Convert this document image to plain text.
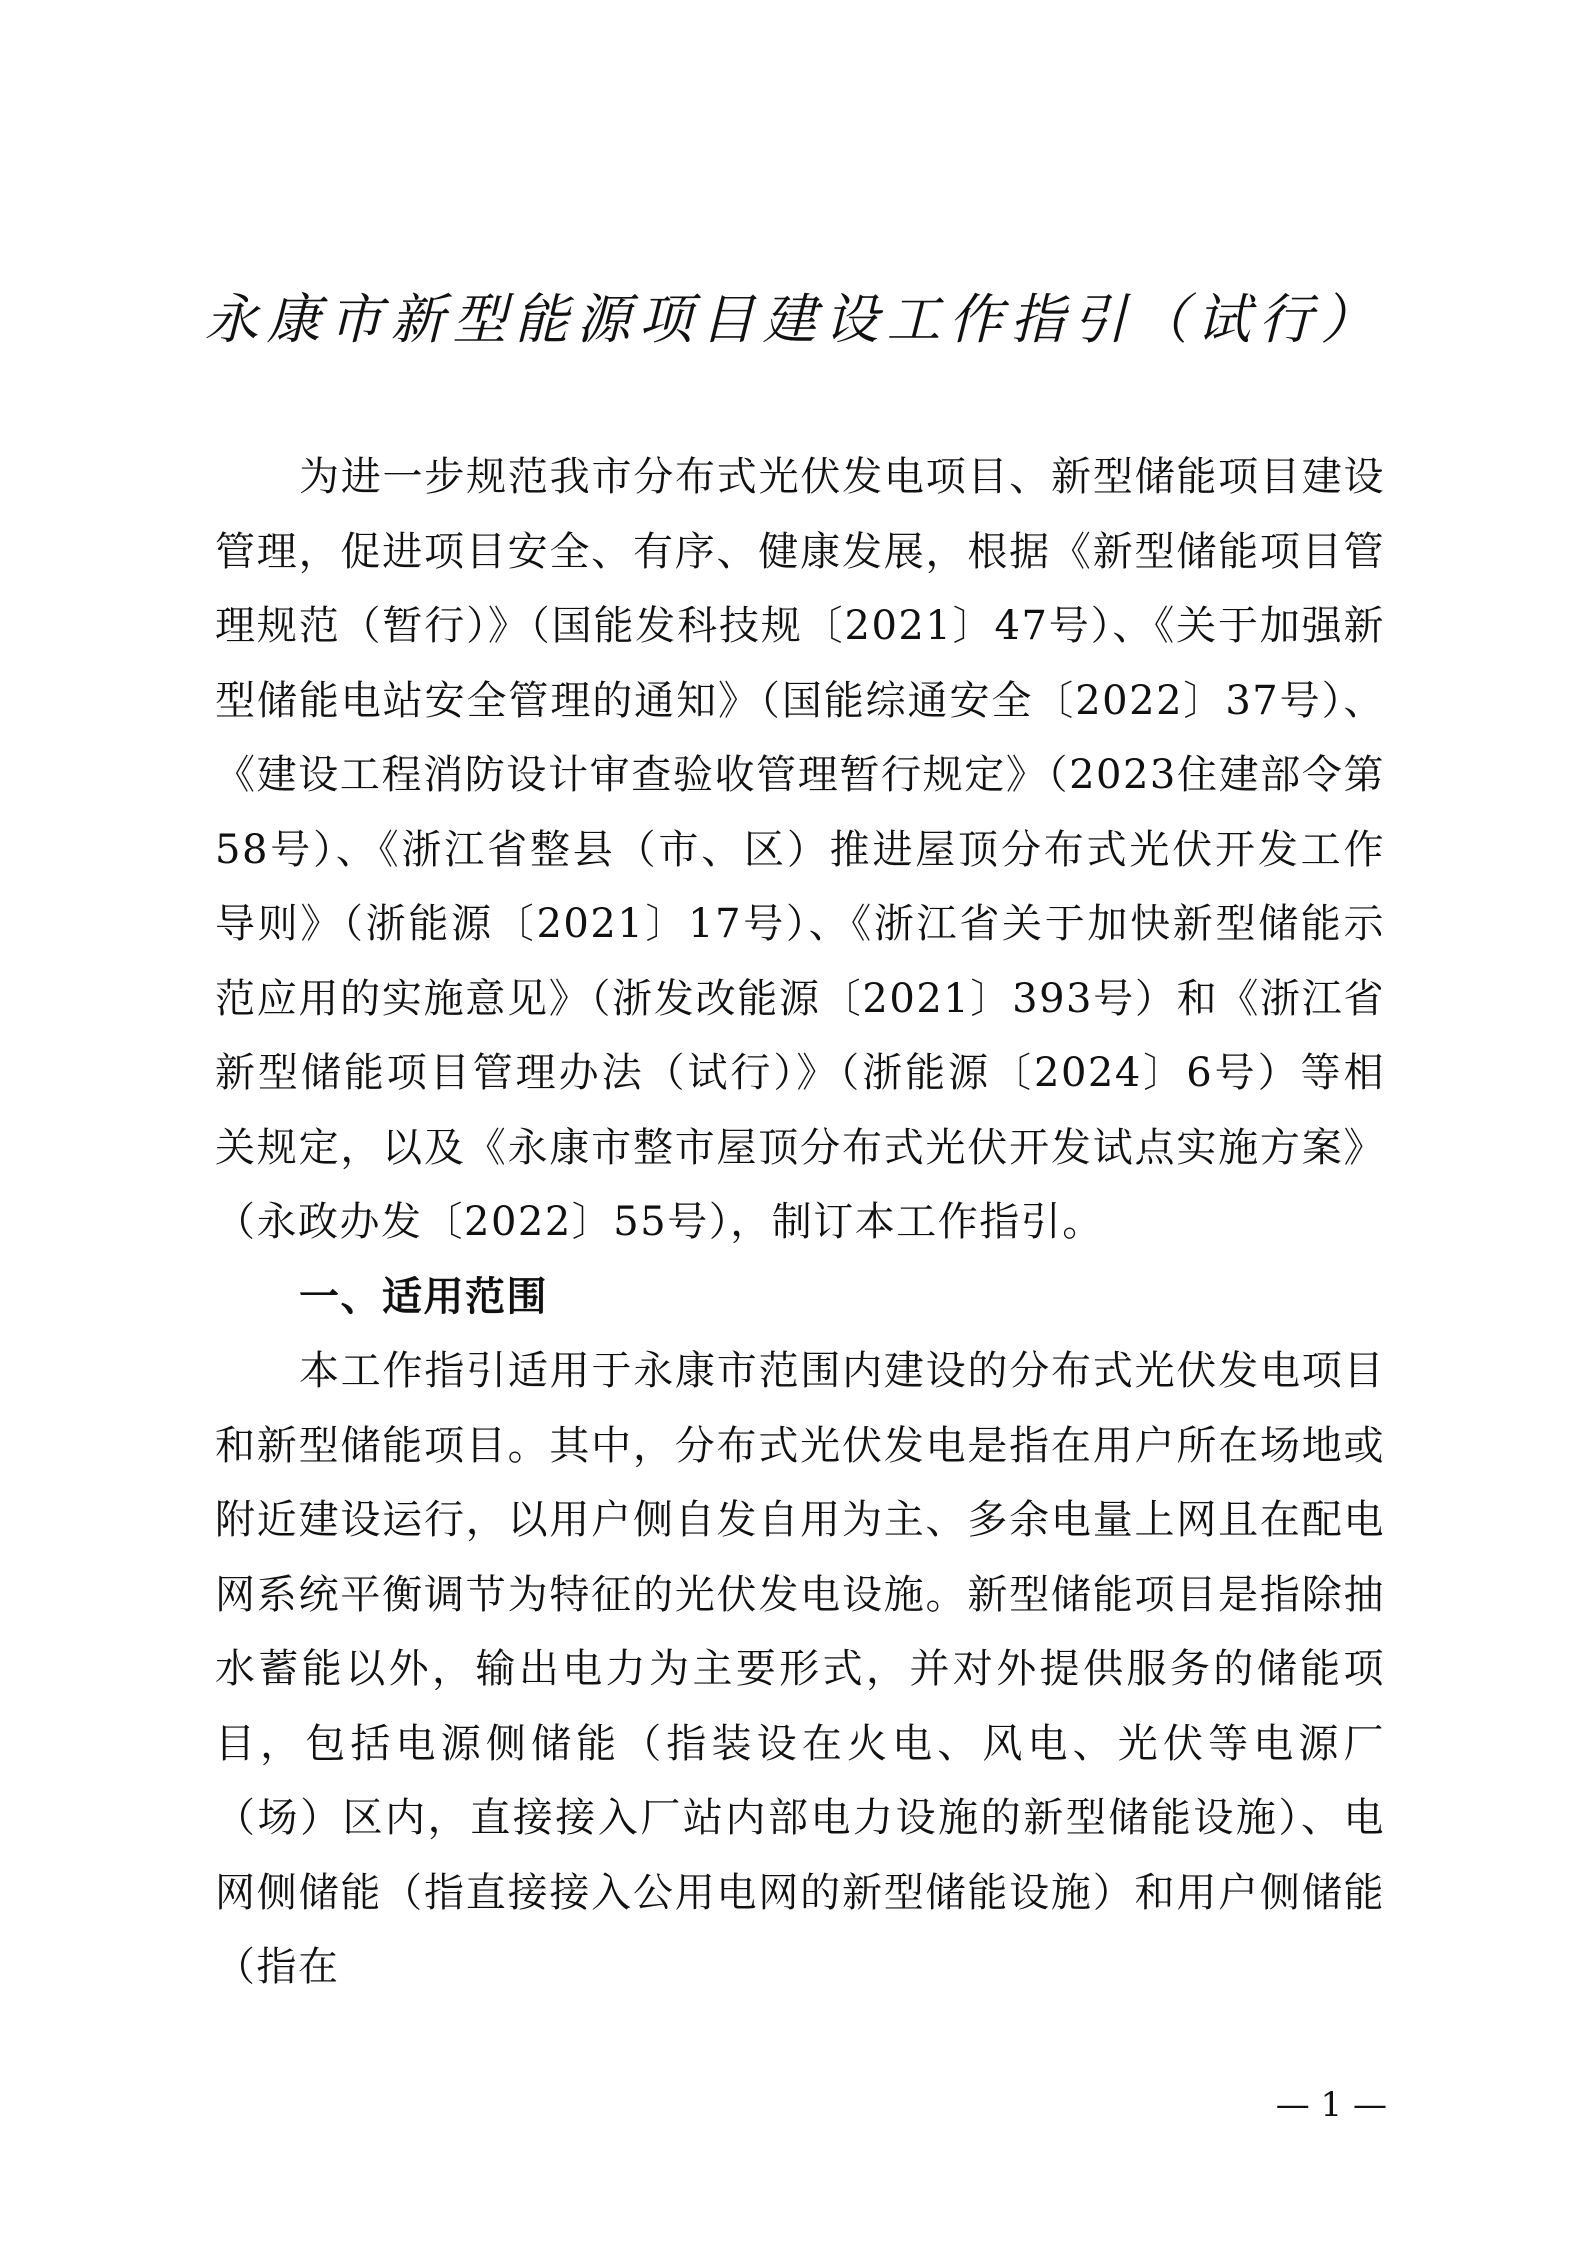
永康市新型能源项目建设工作指引（试行）

为进一步规范我市分布式光伏发电项目、新型储能项目建设管理，促进项目安全、有序、健康发展，根据《新型储能项目管理规范（暂行）》（国能发科技规〔2021〕47号）、《关于加强新型储能电站安全管理的通知》（国能综通安全〔2022〕37号）、《建设工程消防设计审查验收管理暂行规定》（2023住建部令第58号）、《浙江省整县（市、区）推进屋顶分布式光伏开发工作导则》（浙能源〔2021〕17号）、《浙江省关于加快新型储能示范应用的实施意见》（浙发改能源〔2021〕393号）和《浙江省新型储能项目管理办法（试行）》（浙能源〔2024〕6号）等相关规定，以及《永康市整市屋顶分布式光伏开发试点实施方案》（永政办发〔2022〕55号），制订本工作指引。

一、适用范围

本工作指引适用于永康市范围内建设的分布式光伏发电项目和新型储能项目。其中，分布式光伏发电是指在用户所在场地或附近建设运行，以用户侧自发自用为主、多余电量上网且在配电网系统平衡调节为特征的光伏发电设施。新型储能项目是指除抽水蓄能以外，输出电力为主要形式，并对外提供服务的储能项目，包括电源侧储能（指装设在火电、风电、光伏等电源厂（场）区内，直接接入厂站内部电力设施的新型储能设施）、电网侧储能（指直接接入公用电网的新型储能设施）和用户侧储能（指在

— 1 —
